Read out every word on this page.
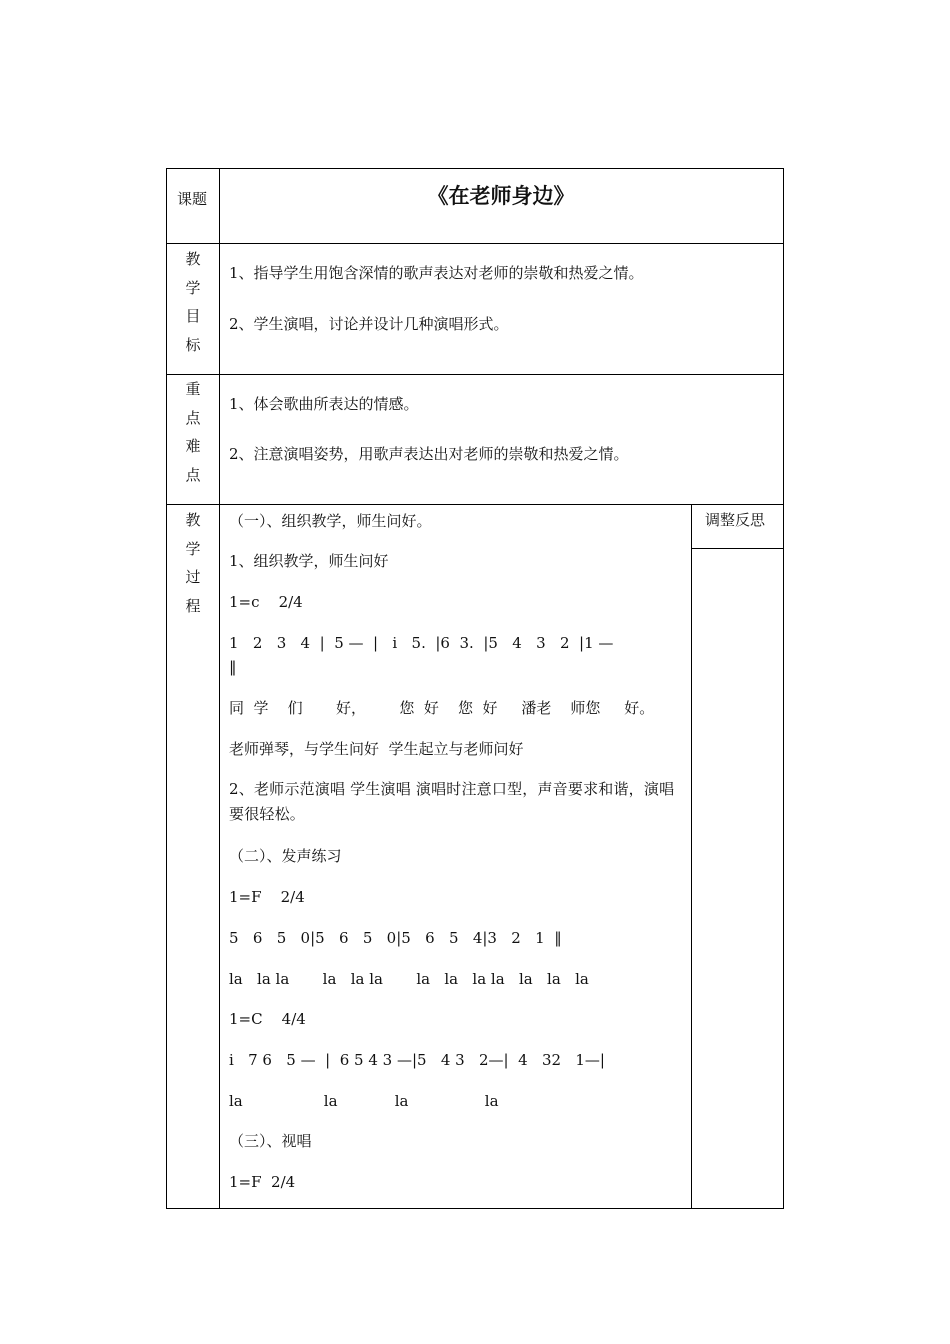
课题	《在老师身边》
教
学
目
标
1、指导学生用饱含深情的歌声表达对老师的崇敬和热爱之情。
2、学生演唱，讨论并设计几种演唱形式。
重
点
难
点
1、体会歌曲所表达的情感。
2、注意演唱姿势，用歌声表达出对老师的崇敬和热爱之情。
教
学
过
程
调整反思
（一）、组织教学，师生问好。
1、组织教学，师生问好
1=c    2/4
1   2   3   4  |  5 —  |   i   5.  |6  3.  |5   4   3   2  |1 —
‖
同  学    们       好，       您  好    您  好     潘老    师您     好。
老师弹琴，与学生问好  学生起立与老师问好
2、老师示范演唱 学生演唱 演唱时注意口型，声音要求和谐，演唱要很轻松。
（二）、发声练习
1=F    2/4
5   6   5   0|5   6   5   0|5   6   5   4|3   2   1  ‖
la   la la       la   la la       la   la   la la   la   la   la
1=C    4/4
i   7 6   5 —  |  6 5 4 3 —|5   4 3   2—|  4   32   1—|
la                 la            la                la
（三）、视唱
1=F  2/4
